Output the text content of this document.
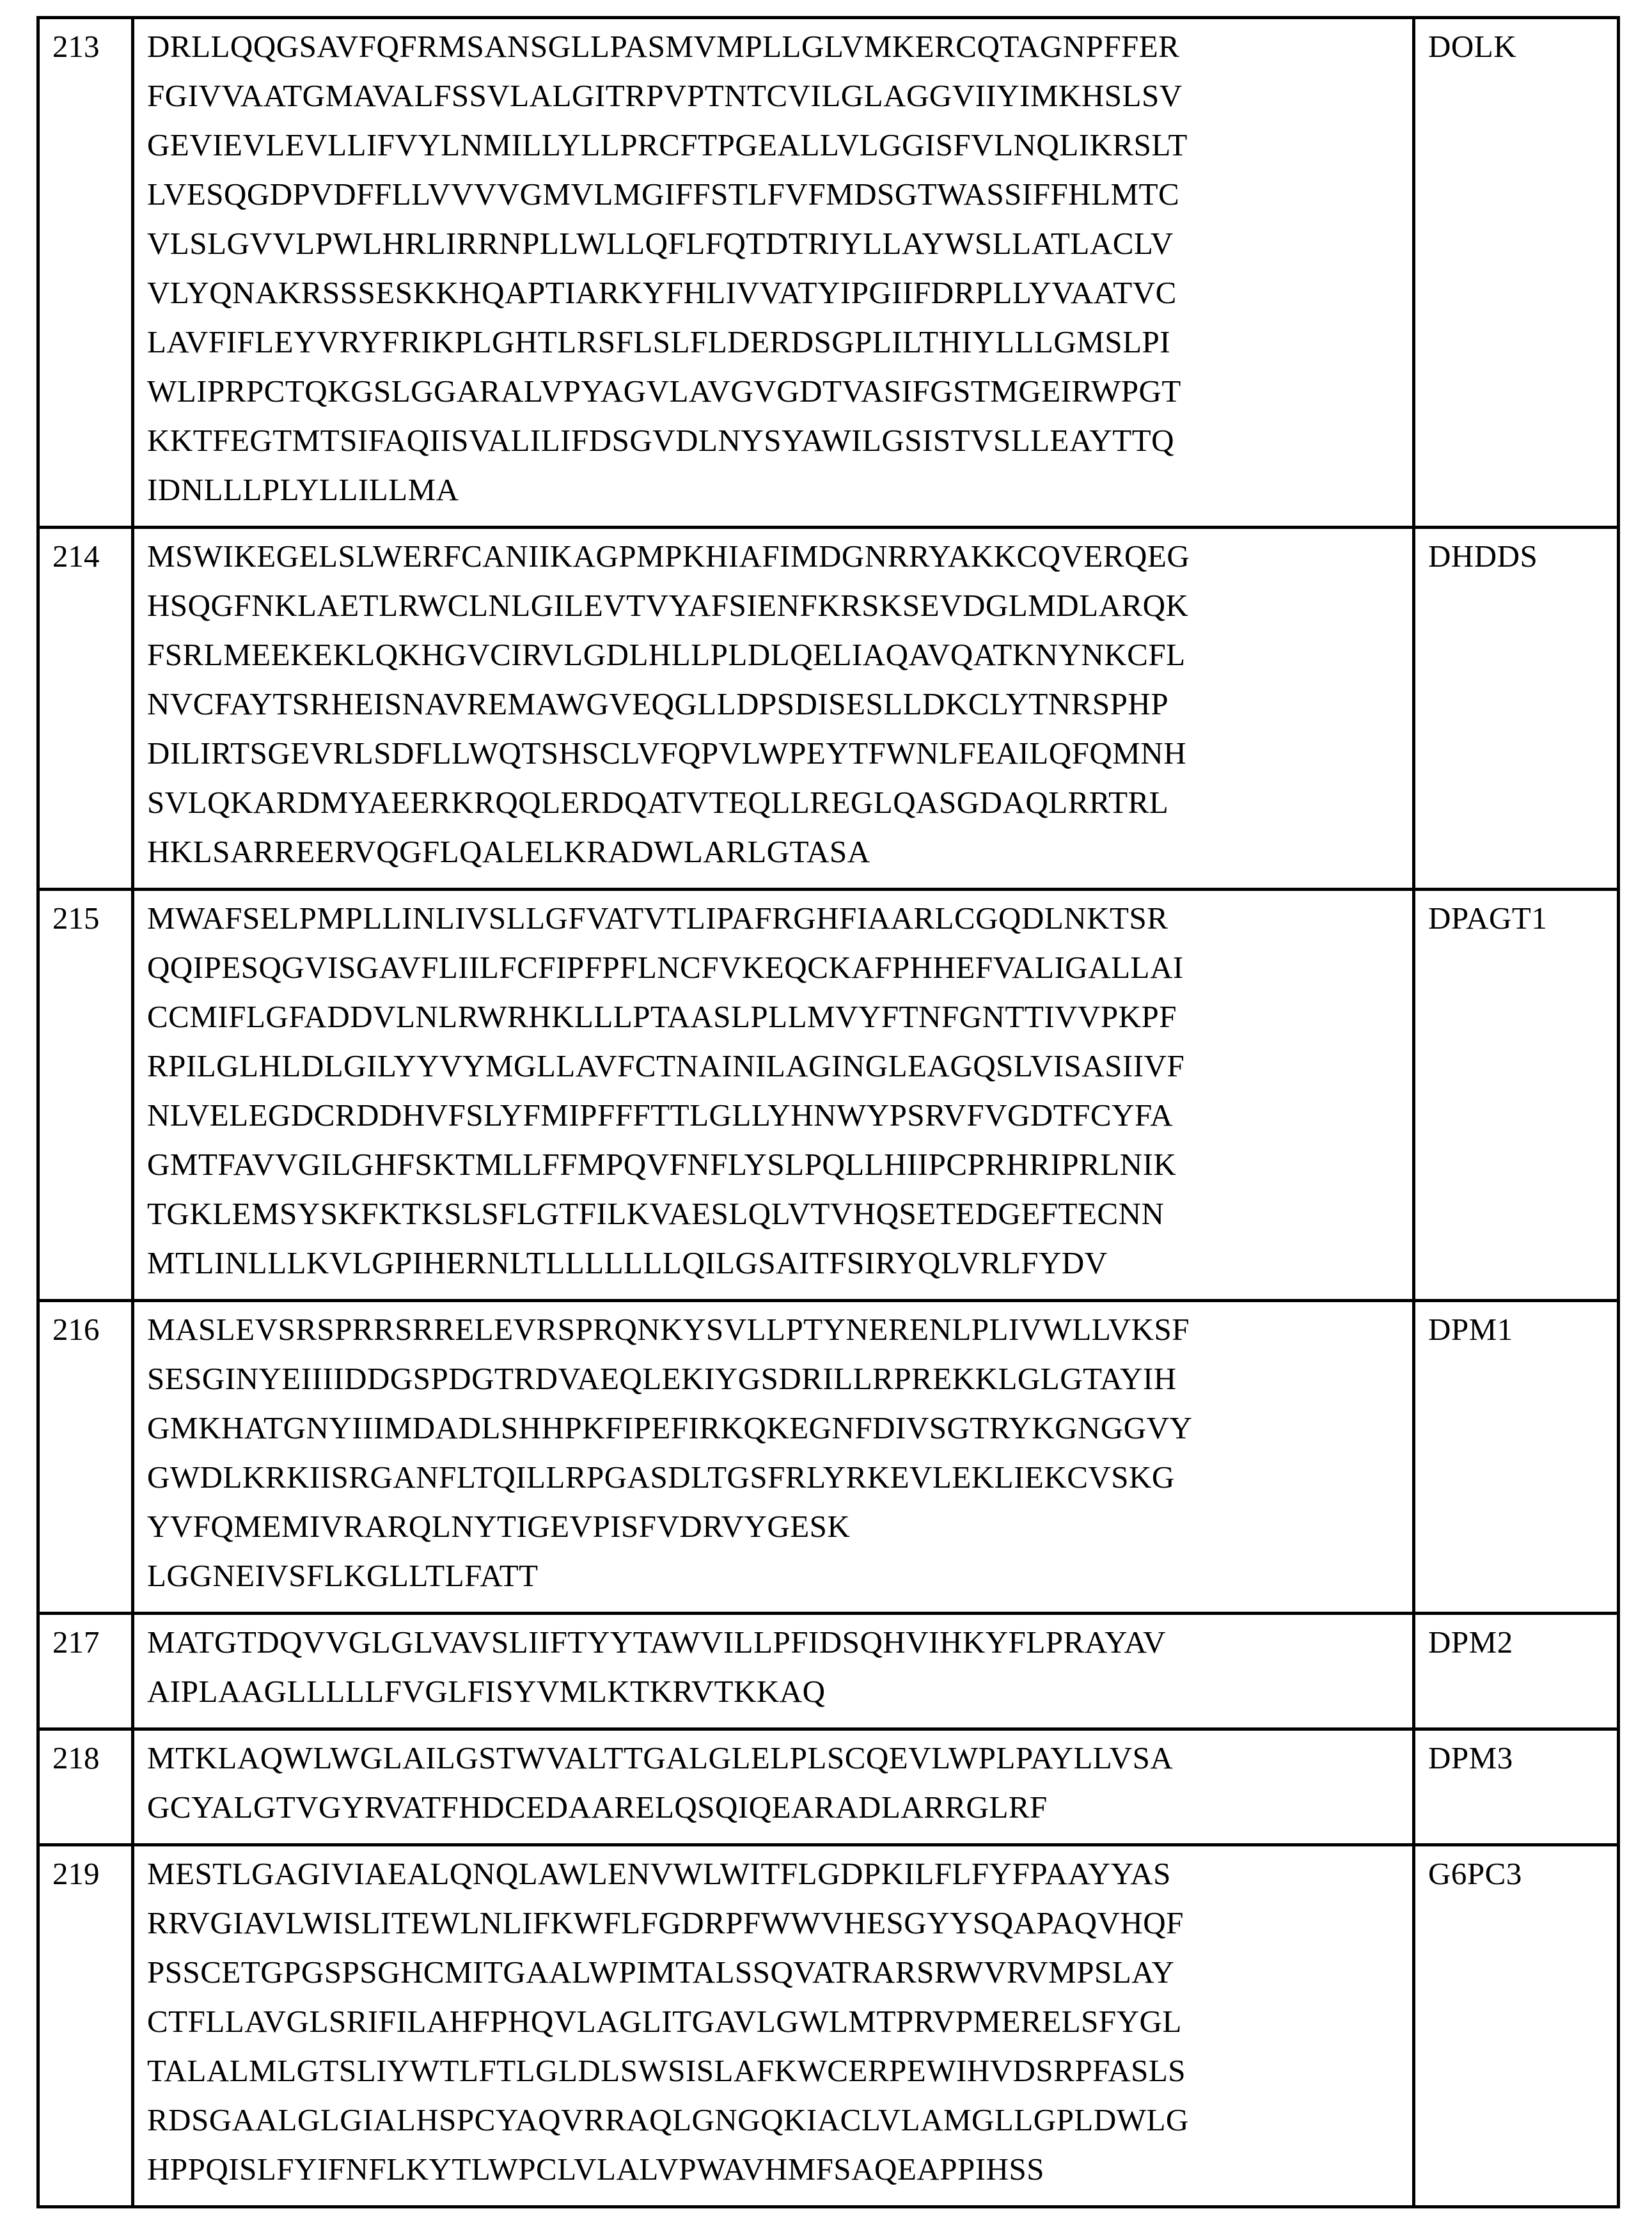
213	DRLLQQGSAVFQFRMSANSGLLPASMVMPLLGLVMKERCQTAGNPFFER
FGIVVAATGMAVALFSSVLALGITRPVPTNTCVILGLAGGVIIYIMKHSLSV
GEVIEVLEVLLIFVYLNMILLYLLPRCFTPGEALLVLGGISFVLNQLIKRSLT
LVESQGDPVDFFLLVVVVGMVLMGIFFSTLFVFMDSGTWASSIFFHLMTC
VLSLGVVLPWLHRLIRRNPLLWLLQFLFQTDTRIYLLAYWSLLATLACLV
VLYQNAKRSSSESKKHQAPTIARKYFHLIVVATYIPGIIFDRPLLYVAATVC
LAVFIFLEYVRYFRIKPLGHTLRSFLSLFLDERDSGPLILTHIYLLLGMSLPI
WLIPRPCTQKGSLGGARALVPYAGVLAVGVGDTVASIFGSTMGEIRWPGT
KKTFEGTMTSIFAQIISVALILIFDSGVDLNYSYAWILGSISTVSLLEAYTTQ
IDNLLLPLYLLILLMA	DOLK
214	MSWIKEGELSLWERFCANIIKAGPMPKHIAFIMDGNRRYAKKCQVERQEG
HSQGFNKLAETLRWCLNLGILEVTVYAFSIENFKRSKSEVDGLMDLARQK
FSRLMEEKEKLQKHGVCIRVLGDLHLLPLDLQELIAQAVQATKNYNKCFL
NVCFAYTSRHEISNAVREMAWGVEQGLLDPSDISESLLDKCLYTNRSPHP
DILIRTSGEVRLSDFLLWQTSHSCLVFQPVLWPEYTFWNLFEAILQFQMNH
SVLQKARDMYAEERKRQQLERDQATVTEQLLREGLQASGDAQLRRTRL
HKLSARREERVQGFLQALELKRADWLARLGTASA	DHDDS
215	MWAFSELPMPLLINLIVSLLGFVATVTLIPAFRGHFIAARLCGQDLNKTSR
QQIPESQGVISGAVFLIILFCFIPFPFLNCFVKEQCKAFPHHEFVALIGALLAI
CCMIFLGFADDVLNLRWRHKLLLPTAASLPLLMVYFTNFGNTTIVVPKPF
RPILGLHLDLGILYYVYMGLLAVFCTNAINILAGINGLEAGQSLVISASIIVF
NLVELEGDCRDDHVFSLYFMIPFFFTTLGLLYHNWYPSRVFVGDTFCYFA
GMTFAVVGILGHFSKTMLLFFMPQVFNFLYSLPQLLHIIPCPRHRIPRLNIK
TGKLEMSYSKFKTKSLSFLGTFILKVAESLQLVTVHQSETEDGEFTECNN
MTLINLLLKVLGPIHERNLTLLLLLLLQILGSAITFSIRYQLVRLFYDV	DPAGT1
216	MASLEVSRSPRRSRRELEVRSPRQNKYSVLLPTYNERENLPLIVWLLVKSF
SESGINYEIIIIDDGSPDGTRDVAEQLEKIYGSDRILLRPREKKLGLGTAYIH
GMKHATGNYIIIMDADLSHHPKFIPEFIRKQKEGNFDIVSGTRYKGNGGVY
GWDLKRKIISRGANFLTQILLRPGASDLTGSFRLYRKEVLEKLIEKCVSKG
YVFQMEMIVRARQLNYTIGEVPISFVDRVYGESK
LGGNEIVSFLKGLLTLFATT	DPM1
217	MATGTDQVVGLGLVAVSLIIFTYYTAWVILLPFIDSQHVIHKYFLPRAYAV
AIPLAAGLLLLLFVGLFISYVMLKTKRVTKKAQ	DPM2
218	MTKLAQWLWGLAILGSTWVALTTGALGLELPLSCQEVLWPLPAYLLVSA
GCYALGTVGYRVATFHDCEDAARELQSQIQEARADLARRGLRF	DPM3
219	MESTLGAGIVIAEALQNQLAWLENVWLWITFLGDPKILFLFYFPAAYYAS
RRVGIAVLWISLITEWLNLIFKWFLFGDRPFWWVHESGYYSQAPAQVHQF
PSSCETGPGSPSGHCMITGAALWPIMTALSSQVATRARSRWVRVMPSLAY
CTFLLAVGLSRIFILAHFPHQVLAGLITGAVLGWLMTPRVPMERELSFYGL
TALALMLGTSLIYWTLFTLGLDLSWSISLAFKWCERPEWIHVDSRPFASLS
RDSGAALGLGIALHSPCYAQVRRAQLGNGQKIACLVLAMGLLGPLDWLG
HPPQISLFYIFNFLKYTLWPCLVLALVPWAVHMFSAQEAPPIHSS	G6PC3
